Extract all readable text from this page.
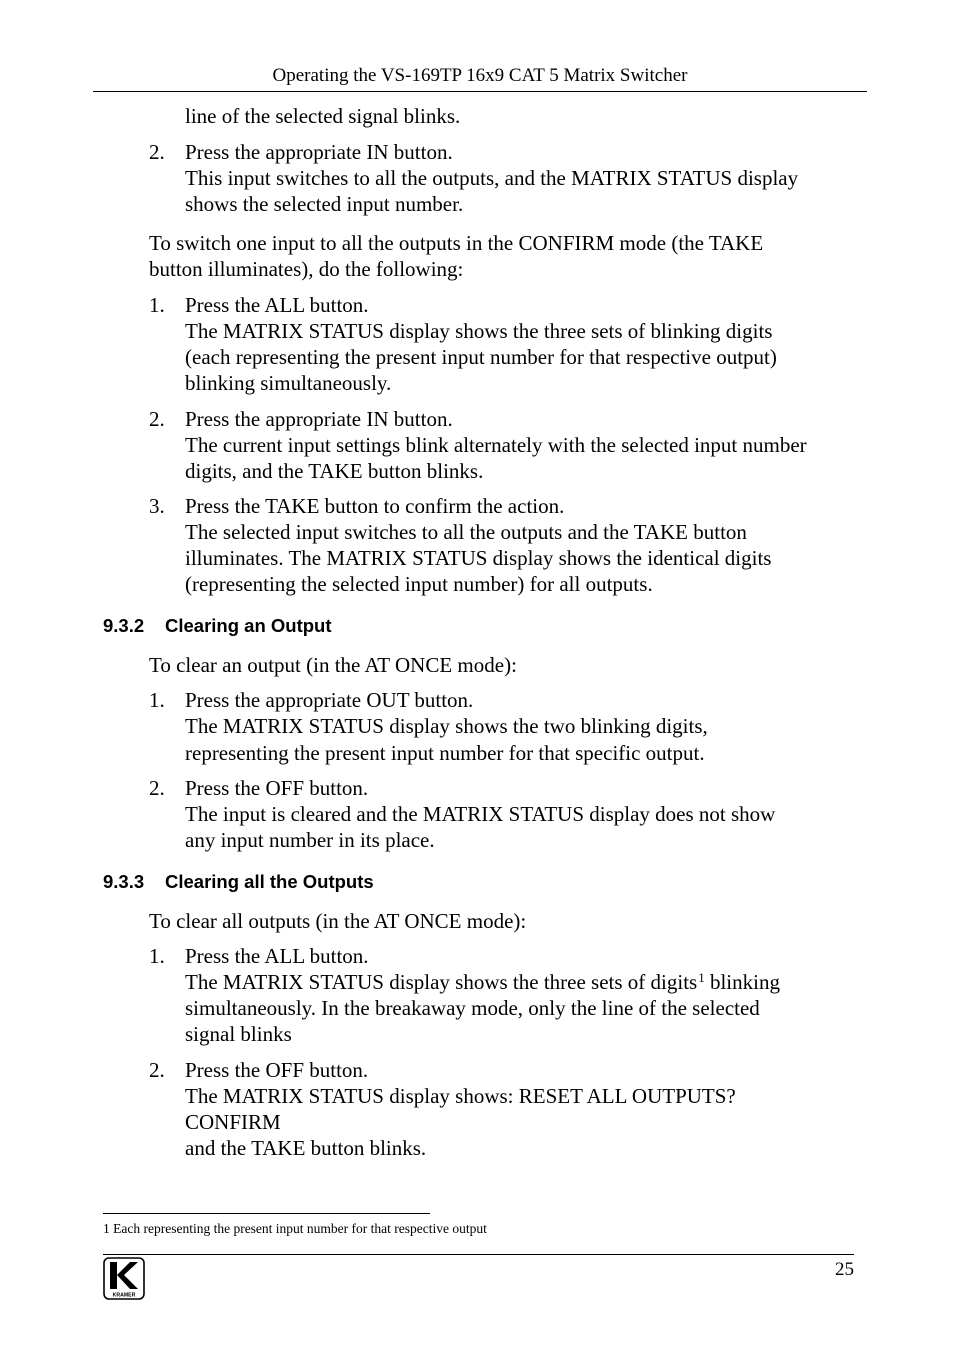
Operating the VS-169TP 16x9 CAT 5 Matrix Switcher
line of the selected signal blinks.
2. Press the appropriate IN button.
This input switches to all the outputs, and the MATRIX STATUS display
shows the selected input number.
To switch one input to all the outputs in the CONFIRM mode (the TAKE
button illuminates), do the following:
1. Press the ALL button.
The MATRIX STATUS display shows the three sets of blinking digits
(each representing the present input number for that respective output)
blinking simultaneously.
2. Press the appropriate IN button.
The current input settings blink alternately with the selected input number
digits, and the TAKE button blinks.
3. Press the TAKE button to confirm the action.
The selected input switches to all the outputs and the TAKE button
illuminates. The MATRIX STATUS display shows the identical digits
(representing the selected input number) for all outputs.
9.3.2 Clearing an Output
To clear an output (in the AT ONCE mode):
1. Press the appropriate OUT button.
The MATRIX STATUS display shows the two blinking digits,
representing the present input number for that specific output.
2. Press the OFF button.
The input is cleared and the MATRIX STATUS display does not show
any input number in its place.
9.3.3 Clearing all the Outputs
To clear all outputs (in the AT ONCE mode):
1. Press the ALL button.
The MATRIX STATUS display shows the three sets of digits$^1$ blinking
simultaneously. In the breakaway mode, only the line of the selected
signal blinks
2. Press the OFF button.
The MATRIX STATUS display shows: RESET ALL OUTPUTS?
CONFIRM
and the TAKE button blinks.
1 Each representing the present input number for that respective output
25
KRAMER
